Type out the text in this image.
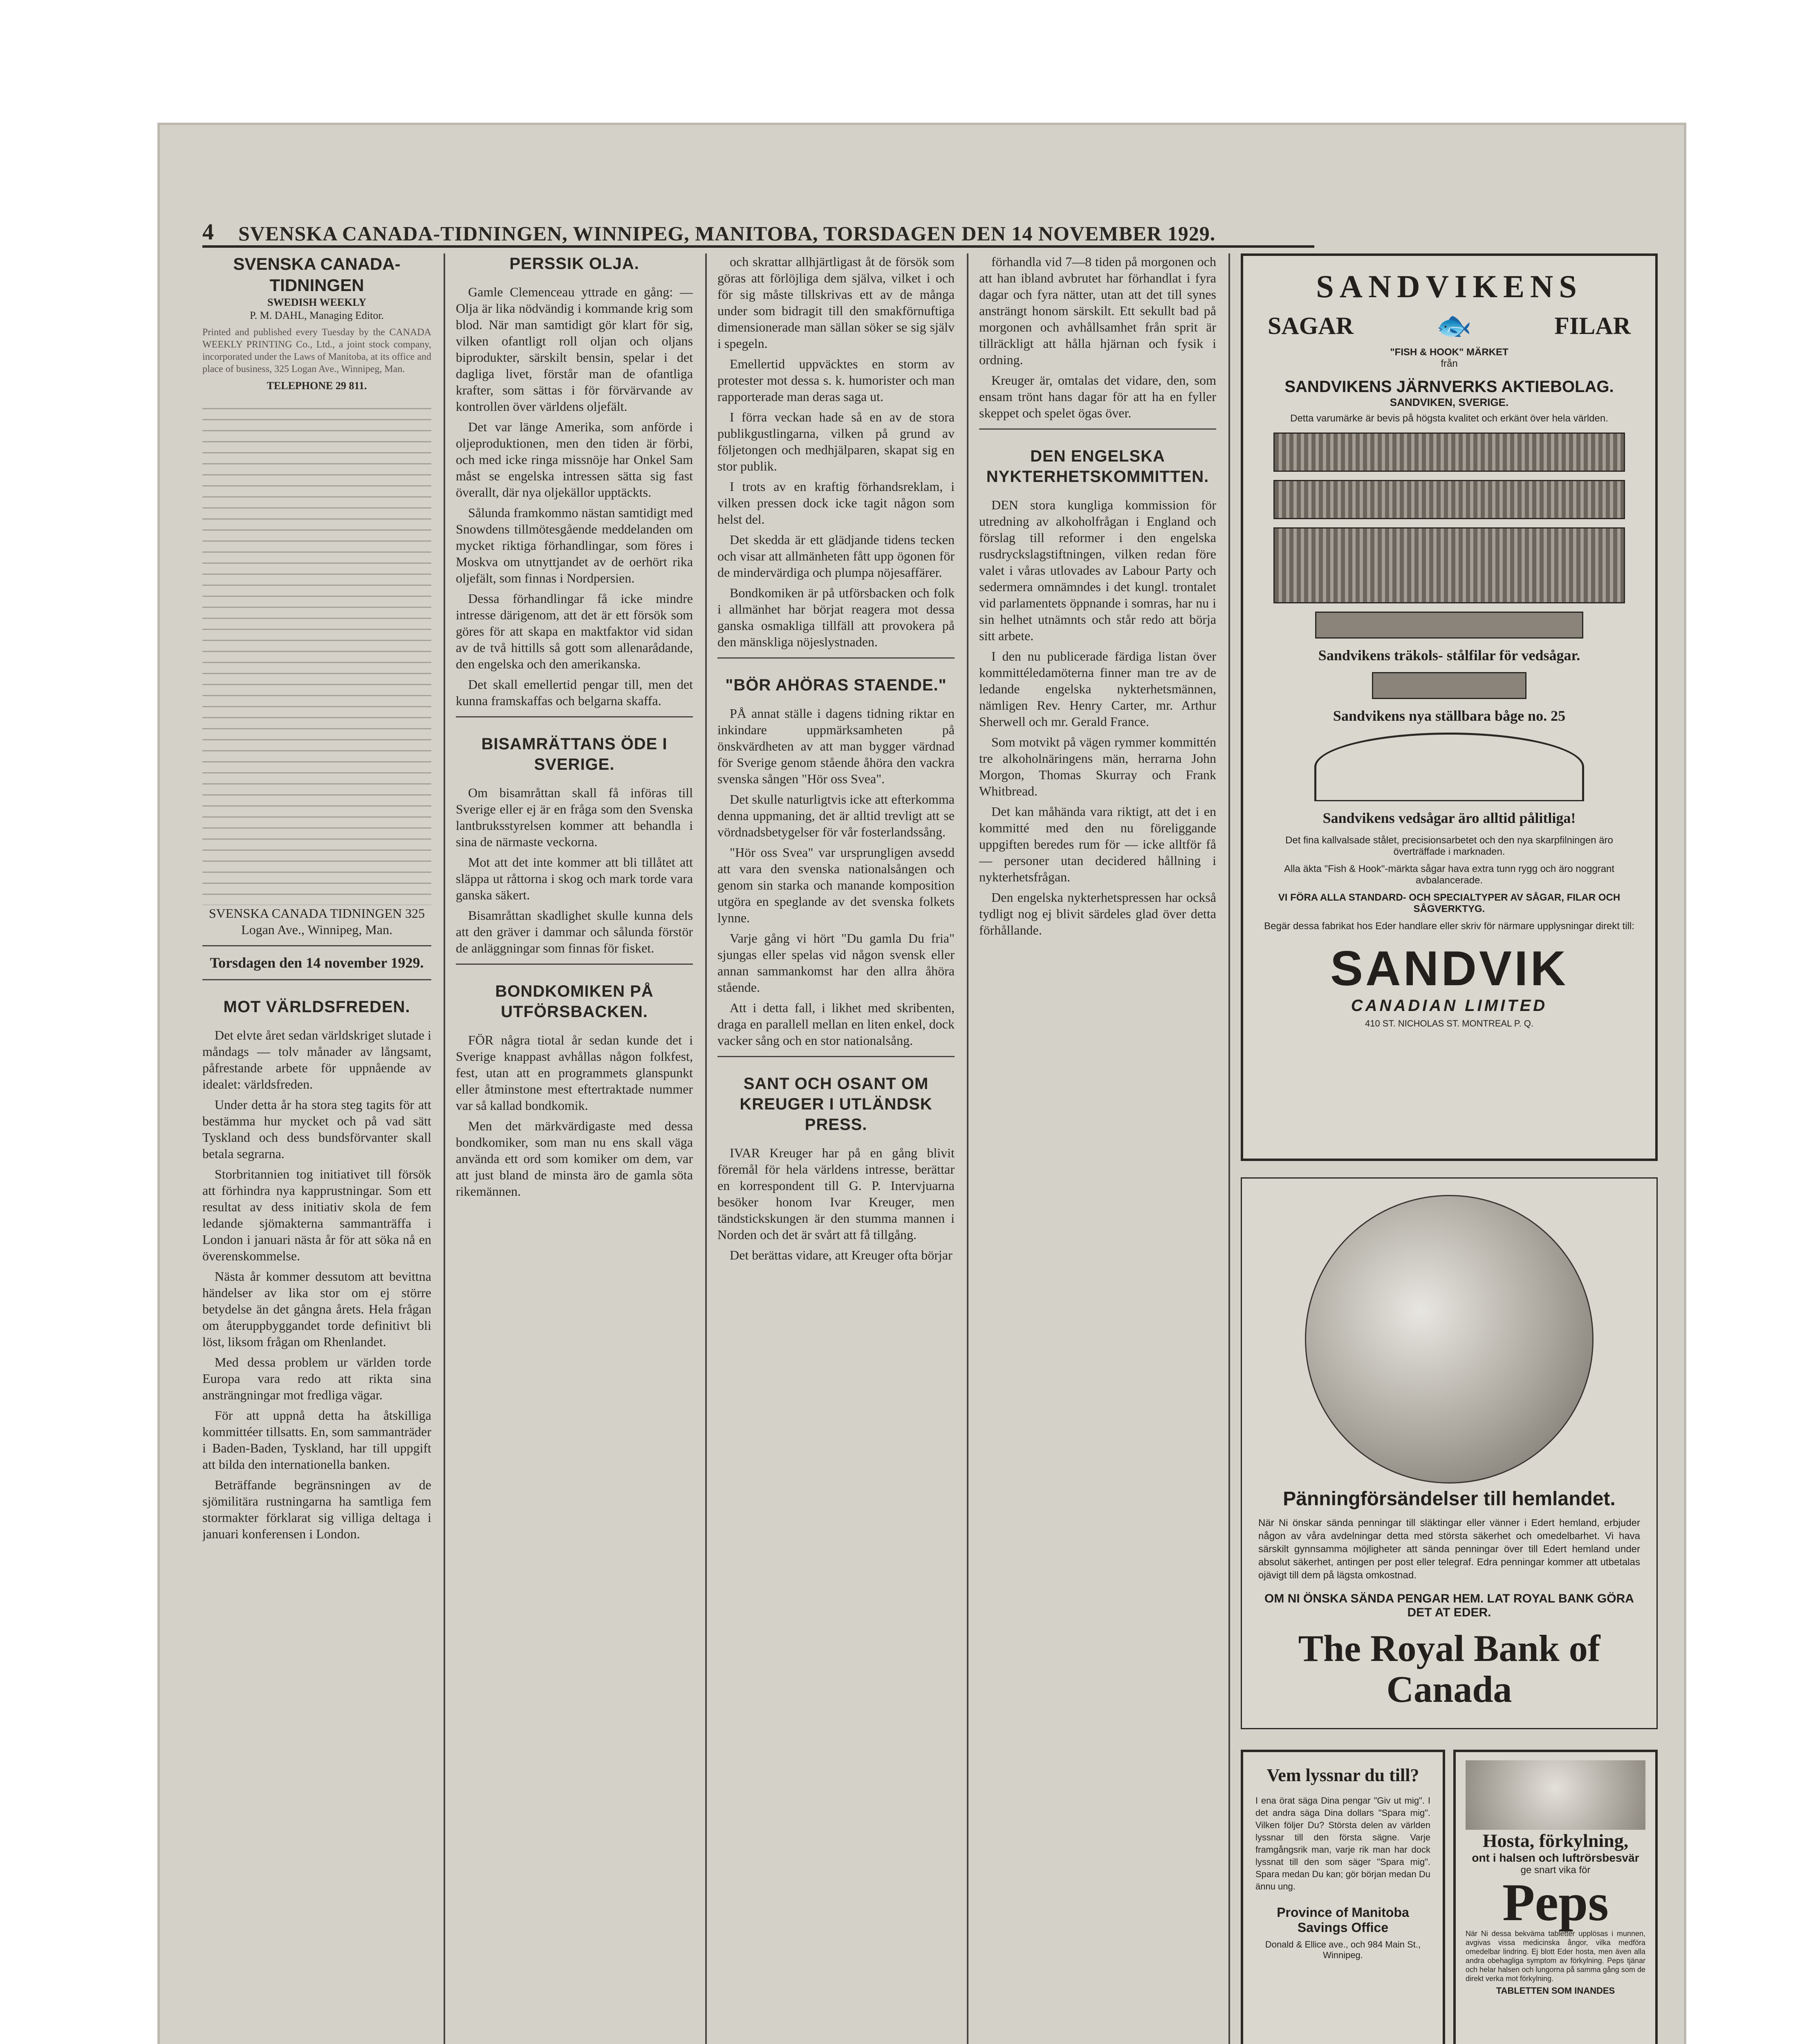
4 SVENSKA CANADA-TIDNINGEN, WINNIPEG, MANITOBA, TORSDAGEN DEN 14 NOVEMBER 1929.
SVENSKA CANADA-TIDNINGEN
SWEDISH WEEKLY
P. M. DAHL, Managing Editor.
Printed and published every Tuesday by the CANADA WEEKLY PRINTING Co., Ltd., a joint stock company, incorporated under the Laws of Manitoba, at its office and place of business, 325 Logan Ave., Winnipeg, Man.
TELEPHONE 29 811.
SVENSKA CANADA TIDNINGEN 325 Logan Ave., Winnipeg, Man.
Torsdagen den 14 november 1929.
MOT VÄRLDSFREDEN.

Det elvte året sedan världskriget slutade i måndags — tolv månader av långsamt, påfrestande arbete för uppnående av idealet: världsfreden.

Under detta år ha stora steg tagits för att bestämma hur mycket och på vad sätt Tyskland och dess bundsförvanter skall betala segrarna.

Storbritannien tog initiativet till försök att förhindra nya kapprustningar. Som ett resultat av dess initiativ skola de fem ledande sjömakterna sammanträffa i London i januari nästa år för att söka nå en överenskommelse.

Nästa år kommer dessutom att bevittna händelser av lika stor om ej större betydelse än det gångna årets. Hela frågan om återuppbyggandet torde definitivt bli löst, liksom frågan om Rhenlandet.

Med dessa problem ur världen torde Europa vara redo att rikta sina ansträngningar mot fredliga vägar.

För att uppnå detta ha åtskilliga kommittéer tillsatts. En, som sammanträder i Baden-Baden, Tyskland, har till uppgift att bilda den internationella banken.

Beträffande begränsningen av de sjömilitära rustningarna ha samtliga fem stormakter förklarat sig villiga deltaga i januari konferensen i London.

PERSSIK OLJA.

Gamle Clemenceau yttrade en gång: — Olja är lika nödvändig i kommande krig som blod. När man samtidigt gör klart för sig, vilken ofantligt roll oljan och oljans biprodukter, särskilt bensin, spelar i det dagliga livet, förstår man de ofantliga krafter, som sättas i för förvärvande av kontrollen över världens oljefält.

Det var länge Amerika, som anförde i oljeproduktionen, men den tiden är förbi, och med icke ringa missnöje har Onkel Sam måst se engelska intressen sätta sig fast överallt, där nya oljekällor upptäckts.

Sålunda framkommo nästan samtidigt med Snowdens tillmötesgående meddelanden om mycket riktiga förhandlingar, som föres i Moskva om utnyttjandet av de oerhört rika oljefält, som finnas i Nordpersien.

Dessa förhandlingar få icke mindre intresse därigenom, att det är ett försök som göres för att skapa en maktfaktor vid sidan av de två hittills så gott som allenarådande, den engelska och den amerikanska.

Det skall emellertid pengar till, men det kunna framskaffas och belgarna skaffa.

BISAMRÄTTANS ÖDE I SVERIGE.

Om bisamråttan skall få införas till Sverige eller ej är en fråga som den Svenska lantbruksstyrelsen kommer att behandla i sina de närmaste veckorna.

Mot att det inte kommer att bli tillåtet att släppa ut råttorna i skog och mark torde vara ganska säkert.

Bisamråttan skadlighet skulle kunna dels att den gräver i dammar och sålunda förstör de anläggningar som finnas för fisket.

BONDKOMIKEN PÅ UTFÖRSBACKEN.

FÖR några tiotal år sedan kunde det i Sverige knappast avhållas någon folkfest, fest, utan att en programmets glanspunkt eller åtminstone mest eftertraktade nummer var så kallad bondkomik.

Men det märkvärdigaste med dessa bondkomiker, som man nu ens skall väga använda ett ord som komiker om dem, var att just bland de minsta äro de gamla söta rikemännen.

och skrattar allhjärtligast åt de försök som göras att förlöjliga dem själva, vilket i och för sig måste tillskrivas ett av de många under som bidragit till den smakförnuftiga dimensionerade man sällan söker se sig själv i spegeln.

Emellertid uppväcktes en storm av protester mot dessa s. k. humorister och man rapporterade man deras saga ut.

I förra veckan hade så en av de stora publikgustlingarna, vilken på grund av följetongen och medhjälparen, skapat sig en stor publik.

I trots av en kraftig förhandsreklam, i vilken pressen dock icke tagit någon som helst del.

Det skedda är ett glädjande tidens tecken och visar att allmänheten fått upp ögonen för de mindervärdiga och plumpa nöjesaffärer.

Bondkomiken är på utförsbacken och folk i allmänhet har börjat reagera mot dessa ganska osmakliga tillfäll att provokera på den mänskliga nöjeslystnaden.

"BÖR AHÖRAS STAENDE."

PÅ annat ställe i dagens tidning riktar en inkindare uppmärksamheten på önskvärdheten av att man bygger värdnad för Sverige genom stående åhöra den vackra svenska sången "Hör oss Svea".

Det skulle naturligtvis icke att efterkomma denna uppmaning, det är alltid trevligt att se vördnadsbetygelser för vår fosterlandssång.

"Hör oss Svea" var ursprungligen avsedd att vara den svenska nationalsången och genom sin starka och manande komposition utgöra en speglande av det svenska folkets lynne.

Varje gång vi hört "Du gamla Du fria" sjungas eller spelas vid någon svensk eller annan sammankomst har den allra åhöra stående.

Att i detta fall, i likhet med skribenten, draga en parallell mellan en liten enkel, dock vacker sång och en stor nationalsång.

SANT OCH OSANT OM KREUGER I UTLÄNDSK PRESS.

IVAR Kreuger har på en gång blivit föremål för hela världens intresse, berättar en korrespondent till G. P. Intervjuarna besöker honom Ivar Kreuger, men tändstickskungen är den stumma mannen i Norden och det är svårt att få tillgång.

Det berättas vidare, att Kreuger ofta börjar

förhandla vid 7—8 tiden på morgonen och att han ibland avbrutet har förhandlat i fyra dagar och fyra nätter, utan att det till synes ansträngt honom särskilt. Ett sekullt bad på morgonen och avhållsamhet från sprit är tillräckligt att hålla hjärnan och fysik i ordning.

Kreuger är, omtalas det vidare, den, som ensam trönt hans dagar för att ha en fyller skeppet och spelet ögas över.

DEN ENGELSKA NYKTERHETSKOMMITTEN.

DEN stora kungliga kommission för utredning av alkoholfrågan i England och förslag till reformer i den engelska rusdryckslagstiftningen, vilken redan före valet i våras utlovades av Labour Party och sedermera omnämndes i det kungl. trontalet vid parlamentets öppnande i somras, har nu i sin helhet utnämnts och står redo att börja sitt arbete.

I den nu publicerade färdiga listan över kommittéledamöterna finner man tre av de ledande engelska nykterhetsmännen, nämligen Rev. Henry Carter, mr. Arthur Sherwell och mr. Gerald France.

Som motvikt på vägen rymmer kommittén tre alkoholnäringens män, herrarna John Morgon, Thomas Skurray och Frank Whitbread.

Det kan måhända vara riktigt, att det i en kommitté med den nu föreliggande uppgiften beredes rum för — icke alltför få — personer utan decidered hållning i nykterhetsfrågan.

Den engelska nykterhetspressen har också tydligt nog ej blivit särdeles glad över detta förhållande.

SANDVIKENS
SAGAR	🐟	FILAR
"FISH & HOOK" MÄRKET
från
SANDVIKENS JÄRNVERKS AKTIEBOLAG.
SANDVIKEN, SVERIGE.
Detta varumärke är bevis på högsta kvalitet och erkänt över hela världen.
Sandvikens träkols- stålfilar för vedsågar.
Sandvikens nya ställbara båge no. 25
Sandvikens vedsågar äro alltid pålitliga!
Det fina kallvalsade stålet, precisionsarbetet och den nya skarpfilningen äro överträffade i marknaden.
Alla äkta "Fish & Hook"-märkta sågar hava extra tunn rygg och äro noggrant avbalancerade.
VI FÖRA ALLA STANDARD- OCH SPECIALTYPER AV SÅGAR, FILAR OCH SÅGVERKTYG.
Begär dessa fabrikat hos Eder handlare eller skriv för närmare upplysningar direkt till:
SANDVIK
CANADIAN LIMITED
410 ST. NICHOLAS ST. MONTREAL P. Q.
Pänningförsändelser till hemlandet.
När Ni önskar sända penningar till släktingar eller vänner i Edert hemland, erbjuder någon av våra avdelningar detta med största säkerhet och omedelbarhet. Vi hava särskilt gynnsamma möjligheter att sända penningar över till Edert hemland under absolut säkerhet, antingen per post eller telegraf. Edra penningar kommer att utbetalas ojävigt till dem på lägsta omkostnad.
OM NI ÖNSKA SÄNDA PENGAR HEM. LAT ROYAL BANK GÖRA DET AT EDER.
The Royal Bank of Canada
Vem lyssnar du till?
I ena örat säga Dina pengar "Giv ut mig". I det andra säga Dina dollars "Spara mig". Vilken följer Du? Största delen av världen lyssnar till den första sägne. Varje framgångsrik man, varje rik man har dock lyssnat till den som säger "Spara mig". Spara medan Du kan; gör början medan Du ännu ung.
Province of Manitoba Savings Office
Donald & Ellice ave., och 984 Main St., Winnipeg.
Hosta, förkylning,
ont i halsen och luftrörsbesvär
ge snart vika för
Peps
När Ni dessa bekväma tabletter upplösas i munnen, avgivas vissa medicinska ångor, vilka medföra omedelbar lindring. Ej blott Eder hosta, men även alla andra obehagliga symptom av förkylning. Peps tjänar och helar halsen och lungorna på samma gång som de direkt verka mot förkylning.
TABLETTEN SOM INANDES
